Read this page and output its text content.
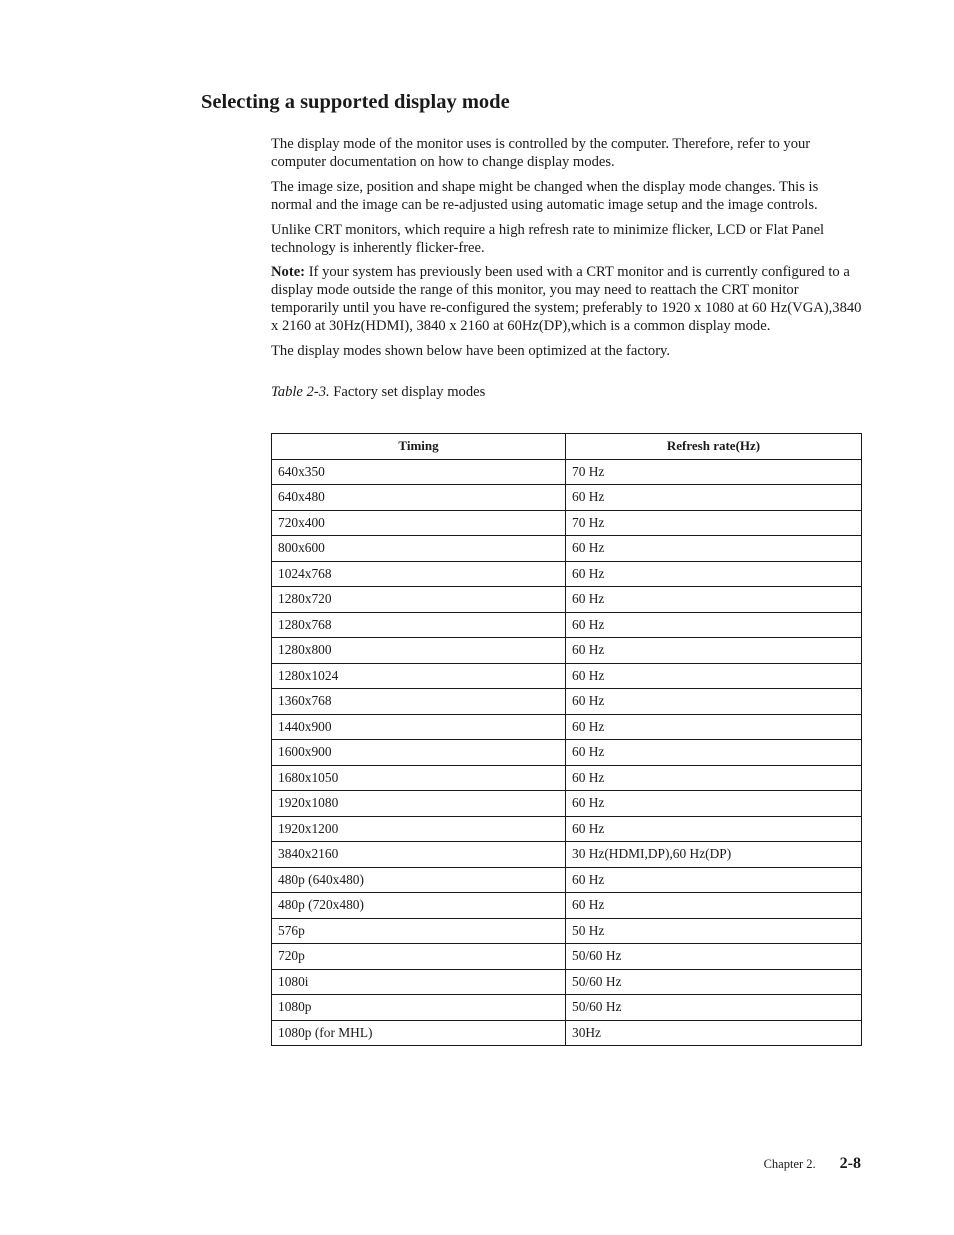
Selecting a supported display mode

The display mode of the monitor uses is controlled by the computer. Therefore, refer to your computer documentation on how to change display modes.

The image size, position and shape might be changed when the display mode changes. This is normal and the image can be re-adjusted using automatic image setup and the image controls.

Unlike CRT monitors, which require a high refresh rate to minimize flicker, LCD or Flat Panel technology is inherently flicker-free.

Note: If your system has previously been used with a CRT monitor and is currently configured to a display mode outside the range of this monitor, you may need to reattach the CRT monitor temporarily until you have re-configured the system; preferably to 1920 x 1080 at 60 Hz(VGA),3840 x 2160 at 30Hz(HDMI), 3840 x 2160 at 60Hz(DP),which is a common display mode.

The display modes shown below have been optimized at the factory.

Table 2-3. Factory set display modes
Timing	Refresh rate(Hz)
640x350	70 Hz
640x480	60 Hz
720x400	70 Hz
800x600	60 Hz
1024x768	60 Hz
1280x720	60 Hz
1280x768	60 Hz
1280x800	60 Hz
1280x1024	60 Hz
1360x768	60 Hz
1440x900	60 Hz
1600x900	60 Hz
1680x1050	60 Hz
1920x1080	60 Hz
1920x1200	60 Hz
3840x2160	30 Hz(HDMI,DP),60 Hz(DP)
480p (640x480)	60 Hz
480p (720x480)	60 Hz
576p	50 Hz
720p	50/60 Hz
1080i	50/60 Hz
1080p	50/60 Hz
1080p (for MHL)	30Hz
Chapter 2. 2-8
